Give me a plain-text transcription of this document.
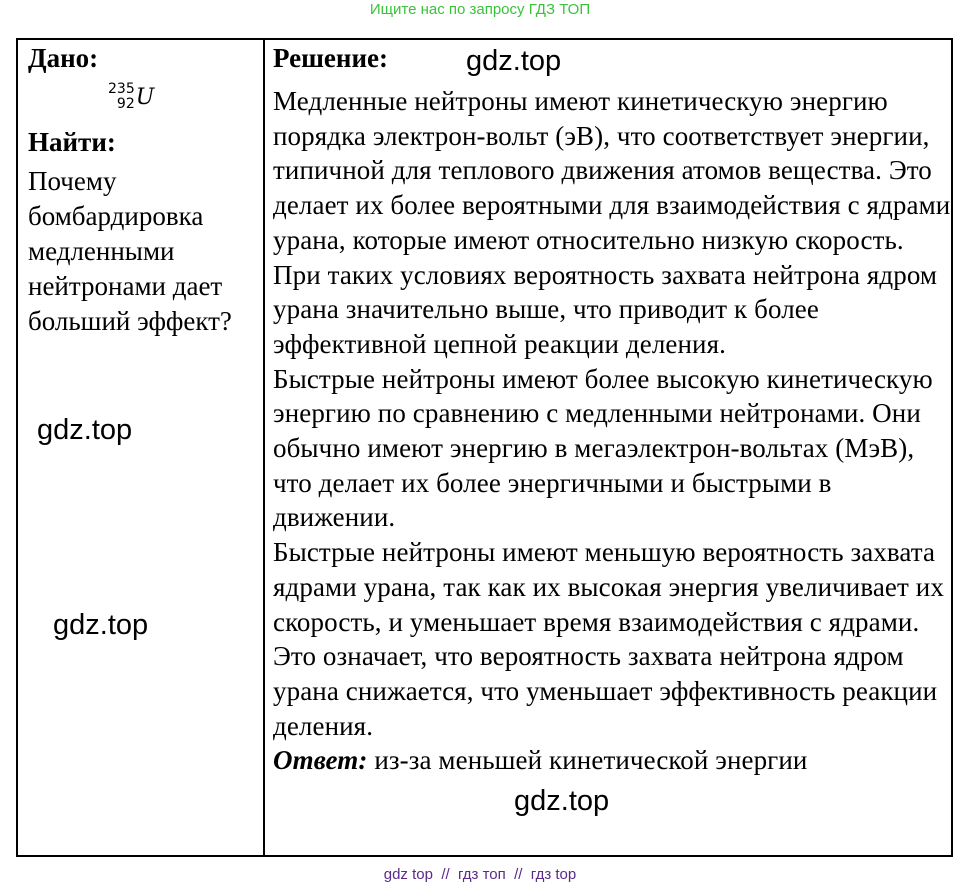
Ищите нас по запросу ГДЗ ТОП

Дано:

235
92 U

Найти:

Почему бомбардировка медленными нейтронами дает больший эффект?

Решение:

Медленные нейтроны имеют кинетическую энергию порядка электрон-вольт (эВ), что соответствует энергии, типичной для теплового движения атомов вещества. Это делает их более вероятными для взаимодействия с ядрами урана, которые имеют относительно низкую скорость. При таких условиях вероятность захвата нейтрона ядром урана значительно выше, что приводит к более эффективной цепной реакции деления.

Быстрые нейтроны имеют более высокую кинетическую энергию по сравнению с медленными нейтронами. Они обычно имеют энергию в мегаэлектрон-вольтах (МэВ), что делает их более энергичными и быстрыми в движении.

Быстрые нейтроны имеют меньшую вероятность захвата ядрами урана, так как их высокая энергия увеличивает их скорость, и уменьшает время взаимодействия с ядрами. Это означает, что вероятность захвата нейтрона ядром урана снижается, что уменьшает эффективность реакции деления.

Ответ: из-за меньшей кинетической энергии

gdz.top
gdz.top
gdz.top
gdz.top
gdz top // гдз топ // гдз top
